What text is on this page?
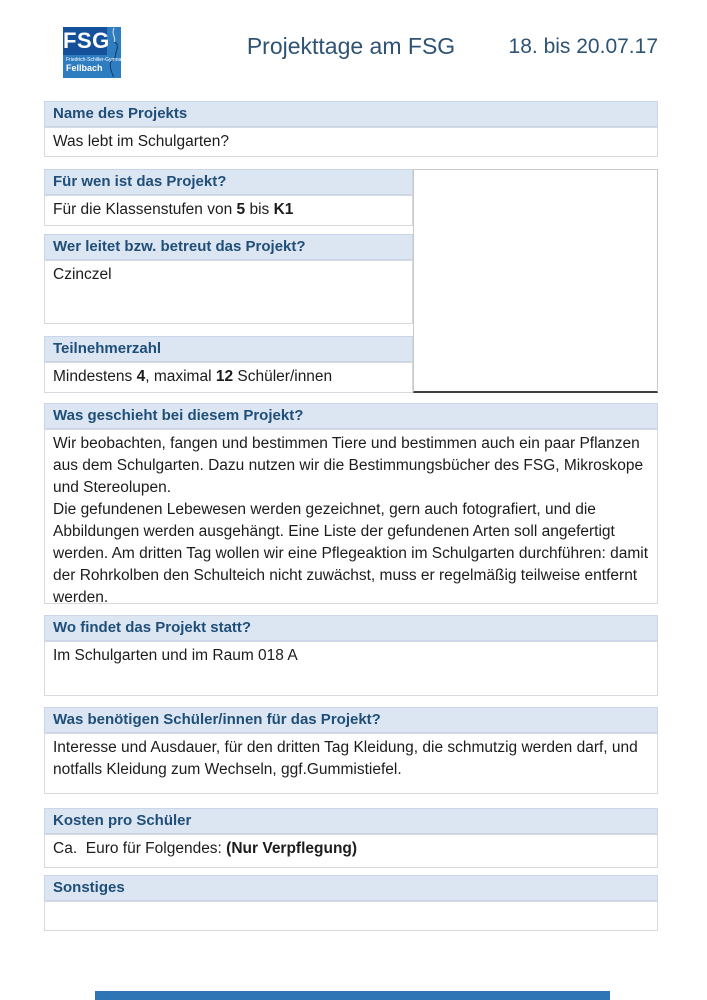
FSG
Friedrich-Schiller-Gymnasium
Fellbach
Projekttage am FSG	18. bis 20.07.17
Name des Projekts
Was lebt im Schulgarten?
Für wen ist das Projekt?
Für die Klassenstufen von 5 bis K1
Wer leitet bzw. betreut das Projekt?
Czinczel
Teilnehmerzahl
Mindestens 4, maximal 12 Schüler/innen
Was geschieht bei diesem Projekt?
Wir beobachten, fangen und bestimmen Tiere und bestimmen auch ein paar Pflanzen aus dem Schulgarten. Dazu nutzen wir die Bestimmungsbücher des FSG, Mikroskope und Stereolupen.
Die gefundenen Lebewesen werden gezeichnet, gern auch fotografiert, und die Abbildungen werden ausgehängt. Eine Liste der gefundenen Arten soll angefertigt werden. Am dritten Tag wollen wir eine Pflegeaktion im Schulgarten durchführen: damit der Rohrkolben den Schulteich nicht zuwächst, muss er regelmäßig teilweise entfernt werden.
Wo findet das Projekt statt?
Im Schulgarten und im Raum 018 A
Was benötigen Schüler/innen für das Projekt?
Interesse und Ausdauer, für den dritten Tag Kleidung, die schmutzig werden darf, und notfalls Kleidung zum Wechseln, ggf.Gummistiefel.
Kosten pro Schüler
Ca.  Euro für Folgendes: (Nur Verpflegung)
Sonstiges
